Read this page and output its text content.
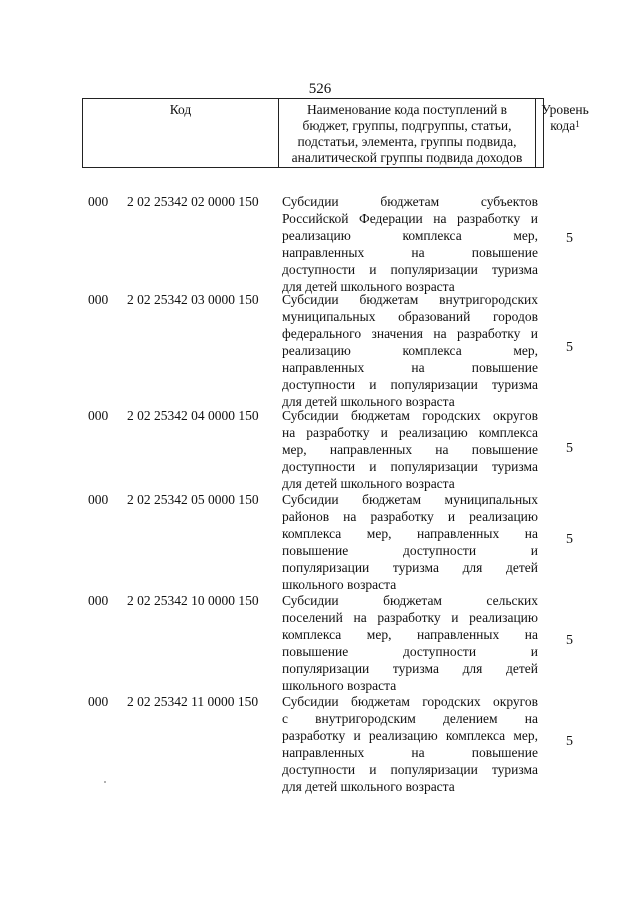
526
Код	Наименование кода поступлений в
бюджет, группы, подгруппы, статьи,
подстатьи, элемента, группы подвида,
аналитической группы подвида доходов
Уровень
кода$^1$
000 2 02 25342 02 0000 150 Субсидии бюджетам субъектов
Российской Федерации на разработку и
реализацию комплекса мер,
направленных на повышение
доступности и популяризации туризма
для детей школьного возраста
5
000 2 02 25342 03 0000 150 Субсидии бюджетам внутригородских
муниципальных образований городов
федерального значения на разработку и
реализацию комплекса мер,
направленных на повышение
доступности и популяризации туризма
для детей школьного возраста
5
000 2 02 25342 04 0000 150 Субсидии бюджетам городских округов
на разработку и реализацию комплекса
мер, направленных на повышение
доступности и популяризации туризма
для детей школьного возраста
5
000 2 02 25342 05 0000 150 Субсидии бюджетам муниципальных
районов на разработку и реализацию
комплекса мер, направленных на
повышение доступности и
популяризации туризма для детей
школьного возраста
5
000 2 02 25342 10 0000 150 Субсидии бюджетам сельских
поселений на разработку и реализацию
комплекса мер, направленных на
повышение доступности и
популяризации туризма для детей
школьного возраста
5
000 2 02 25342 11 0000 150 Субсидии бюджетам городских округов
с внутригородским делением на
разработку и реализацию комплекса мер,
направленных на повышение
доступности и популяризации туризма
для детей школьного возраста
5
